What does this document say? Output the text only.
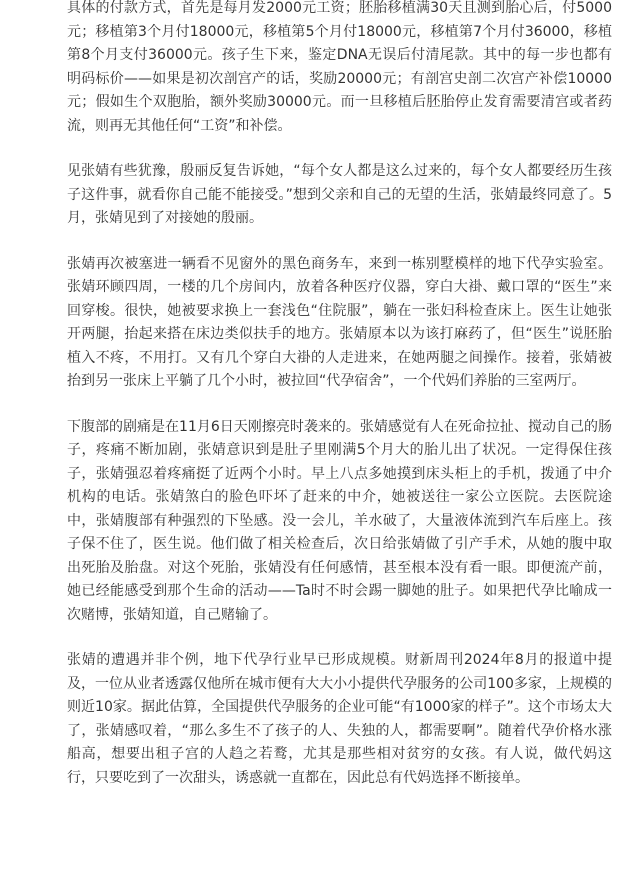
具体的付款方式，首先是每月发2000元工资；胚胎移植满30天且测到胎心后，付5000元；移植第3个月付18000元，移植第5个月付18000元，移植第7个月付36000，移植第8个月支付36000元。孩子生下来，鉴定DNA无误后付清尾款。其中的每一步也都有明码标价——如果是初次剖宫产的话，奖励20000元；有剖宫史剖二次宫产补偿10000元；假如生个双胞胎，额外奖励30000元。而一旦移植后胚胎停止发育需要清宫或者药流，则再无其他任何“工资”和补偿。

见张婧有些犹豫，殷丽反复告诉她，“每个女人都是这么过来的，每个女人都要经历生孩子这件事，就看你自己能不能接受。”想到父亲和自己的无望的生活，张婧最终同意了。5月，张婧见到了对接她的殷丽。

张婧再次被塞进一辆看不见窗外的黑色商务车，来到一栋别墅模样的地下代孕实验室。张婧环顾四周，一楼的几个房间内，放着各种医疗仪器，穿白大褂、戴口罩的“医生”来回穿梭。很快，她被要求换上一套浅色“住院服”，躺在一张妇科检查床上。医生让她张开两腿，抬起来搭在床边类似扶手的地方。张婧原本以为该打麻药了，但“医生”说胚胎植入不疼，不用打。又有几个穿白大褂的人走进来，在她两腿之间操作。接着，张婧被抬到另一张床上平躺了几个小时，被拉回“代孕宿舍”，一个代妈们养胎的三室两厅。

下腹部的剧痛是在11月6日天刚擦亮时袭来的。张婧感觉有人在死命拉扯、搅动自己的肠子，疼痛不断加剧，张婧意识到是肚子里刚满5个月大的胎儿出了状况。一定得保住孩子，张婧强忍着疼痛挺了近两个小时。早上八点多她摸到床头柜上的手机，拨通了中介机构的电话。张婧煞白的脸色吓坏了赶来的中介，她被送往一家公立医院。去医院途中，张婧腹部有种强烈的下坠感。没一会儿，羊水破了，大量液体流到汽车后座上。孩子保不住了，医生说。他们做了相关检查后，次日给张婧做了引产手术，从她的腹中取出死胎及胎盘。对这个死胎，张婧没有任何感情，甚至根本没有看一眼。即便流产前，她已经能感受到那个生命的活动——Ta时不时会踢一脚她的肚子。如果把代孕比喻成一次赌博，张婧知道，自己赌输了。

张婧的遭遇并非个例，地下代孕行业早已形成规模。财新周刊2024年8月的报道中提及，一位从业者透露仅他所在城市便有大大小小提供代孕服务的公司100多家，上规模的则近10家。据此估算，全国提供代孕服务的企业可能“有1000家的样子”。这个市场太大了，张婧感叹着，“那么多生不了孩子的人、失独的人，都需要啊”。随着代孕价格水涨船高，想要出租子宫的人趋之若鹜，尤其是那些相对贫穷的女孩。有人说，做代妈这行，只要吃到了一次甜头，诱惑就一直都在，因此总有代妈选择不断接单。
